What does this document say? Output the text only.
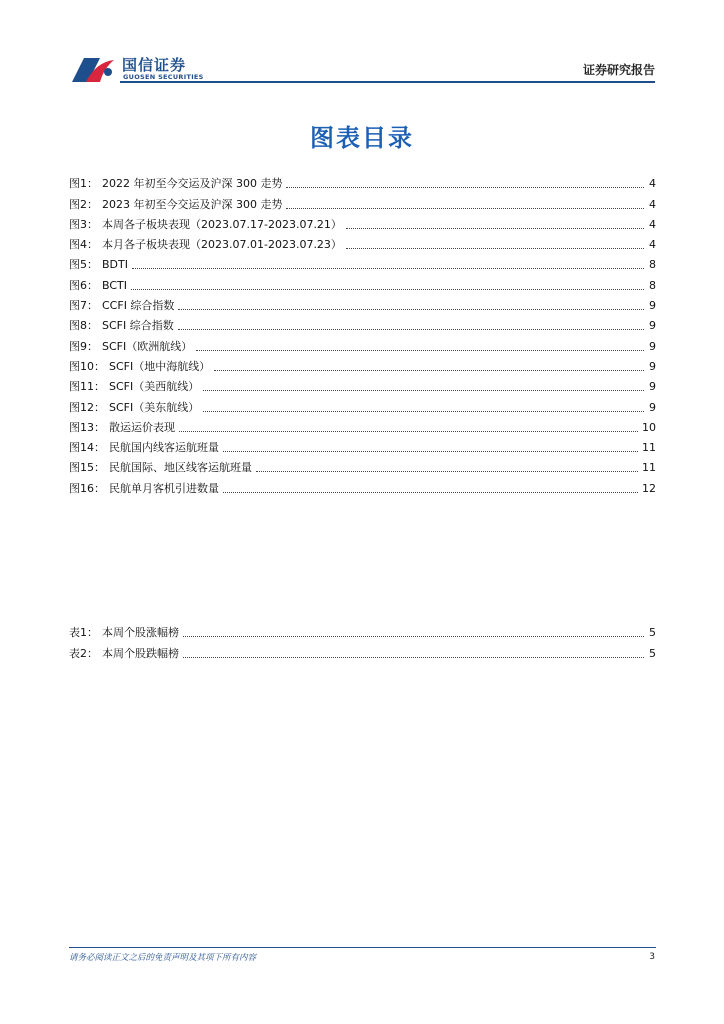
国信证券
GUOSEN SECURITIES	证券研究报告
图表目录
图1： 2022 年初至今交运及沪深 300 走势	4
图2： 2023 年初至今交运及沪深 300 走势	4
图3： 本周各子板块表现（2023.07.17-2023.07.21）	4
图4： 本月各子板块表现（2023.07.01-2023.07.23）	4
图5： BDTI	8
图6： BCTI	8
图7： CCFI 综合指数	9
图8： SCFI 综合指数	9
图9： SCFI（欧洲航线）	9
图10： SCFI（地中海航线）	9
图11： SCFI（美西航线）	9
图12： SCFI（美东航线）	9
图13： 散运运价表现	10
图14： 民航国内线客运航班量	11
图15： 民航国际、地区线客运航班量	11
图16： 民航单月客机引进数量	12
表1： 本周个股涨幅榜	5
表2： 本周个股跌幅榜	5
请务必阅读正文之后的免责声明及其项下所有内容	3
